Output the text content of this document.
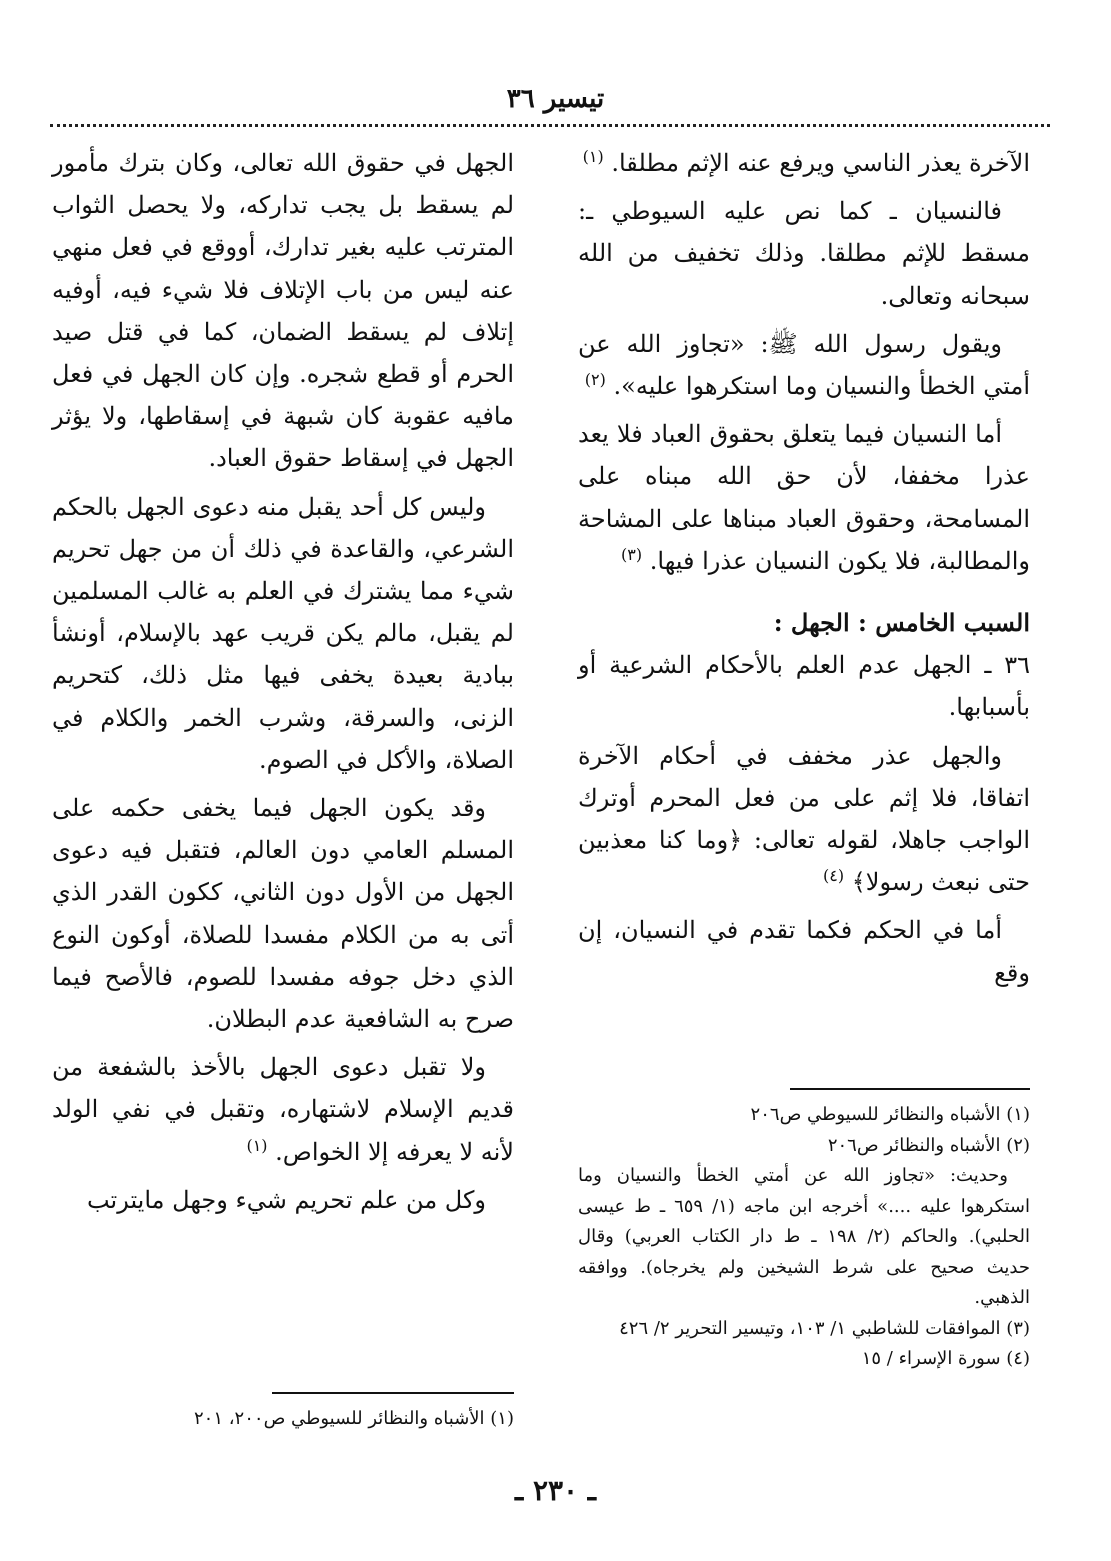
تيسير ٣٦

الآخرة يعذر الناسي ويرفع عنه الإثم مطلقا. $^{(١)}$

فالنسيان ـ كما نص عليه السيوطي ـ: مسقط للإثم مطلقا. وذلك تخفيف من الله سبحانه وتعالى.

ويقول رسول الله ﷺ: «تجاوز الله عن أمتي الخطأ والنسيان وما استكرهوا عليه». $^{(٢)}$

أما النسيان فيما يتعلق بحقوق العباد فلا يعد عذرا مخففا، لأن حق الله مبناه على المسامحة، وحقوق العباد مبناها على المشاحة والمطالبة، فلا يكون النسيان عذرا فيها. $^{(٣)}$

السبب الخامس : الجهل :

٣٦ ـ الجهل عدم العلم بالأحكام الشرعية أو بأسبابها.

والجهل عذر مخفف في أحكام الآخرة اتفاقا، فلا إثم على من فعل المحرم أوترك الواجب جاهلا، لقوله تعالى: ﴿وما كنا معذبين حتى نبعث رسولا﴾ $^{(٤)}$

أما في الحكم فكما تقدم في النسيان، إن وقع

الجهل في حقوق الله تعالى، وكان بترك مأمور لم يسقط بل يجب تداركه، ولا يحصل الثواب المترتب عليه بغير تدارك، أووقع في فعل منهي عنه ليس من باب الإتلاف فلا شيء فيه، أوفيه إتلاف لم يسقط الضمان، كما في قتل صيد الحرم أو قطع شجره. وإن كان الجهل في فعل مافيه عقوبة كان شبهة في إسقاطها، ولا يؤثر الجهل في إسقاط حقوق العباد.

وليس كل أحد يقبل منه دعوى الجهل بالحكم الشرعي، والقاعدة في ذلك أن من جهل تحريم شيء مما يشترك في العلم به غالب المسلمين لم يقبل، مالم يكن قريب عهد بالإسلام، أونشأ ببادية بعيدة يخفى فيها مثل ذلك، كتحريم الزنى، والسرقة، وشرب الخمر والكلام في الصلاة، والأكل في الصوم.

وقد يكون الجهل فيما يخفى حكمه على المسلم العامي دون العالم، فتقبل فيه دعوى الجهل من الأول دون الثاني، ككون القدر الذي أتى به من الكلام مفسدا للصلاة، أوكون النوع الذي دخل جوفه مفسدا للصوم، فالأصح فيما صرح به الشافعية عدم البطلان.

ولا تقبل دعوى الجهل بالأخذ بالشفعة من قديم الإسلام لاشتهاره، وتقبل في نفي الولد لأنه لا يعرفه إلا الخواص. $^{(١)}$

وكل من علم تحريم شيء وجهل مايترتب

(١) الأشباه والنظائر للسيوطي ص٢٠٦

(٢) الأشباه والنظائر ص٢٠٦

وحديث: «تجاوز الله عن أمتي الخطأ والنسيان وما استكرهوا عليه ....» أخرجه ابن ماجه (١/ ٦٥٩ ـ ط عيسى الحلبي). والحاكم (٢/ ١٩٨ ـ ط دار الكتاب العربي) وقال حديث صحيح على شرط الشيخين ولم يخرجاه). ووافقه الذهبي.

(٣) الموافقات للشاطبي ١/ ١٠٣، وتيسير التحرير ٢/ ٤٢٦

(٤) سورة الإسراء / ١٥

(١) الأشباه والنظائر للسيوطي ص٢٠٠، ٢٠١

ـ ٢٣٠ ـ
